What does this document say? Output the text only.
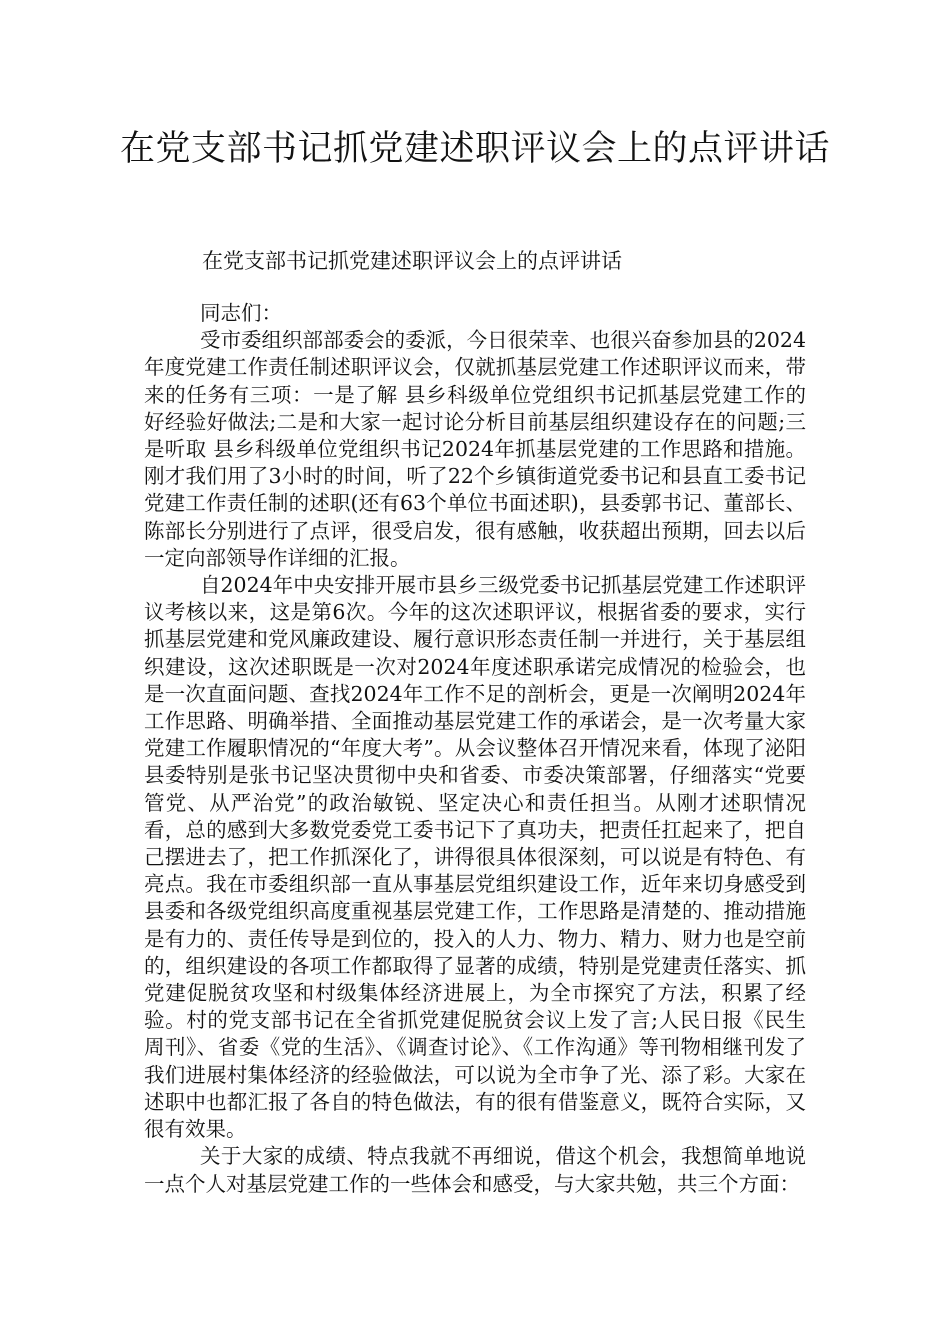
在党支部书记抓党建述职评议会上的点评讲话

在党支部书记抓党建述职评议会上的点评讲话

同志们：

受市委组织部部委会的委派，今日很荣幸、也很兴奋参加县的2024年度党建工作责任制述职评议会，仅就抓基层党建工作述职评议而来，带来的任务有三项：一是了解 县乡科级单位党组织书记抓基层党建工作的好经验好做法;二是和大家一起讨论分析目前基层组织建设存在的问题;三是听取 县乡科级单位党组织书记2024年抓基层党建的工作思路和措施。刚才我们用了3小时的时间，听了22个乡镇街道党委书记和县直工委书记党建工作责任制的述职(还有63个单位书面述职)，县委郭书记、董部长、陈部长分别进行了点评，很受启发，很有感触，收获超出预期，回去以后一定向部领导作详细的汇报。

自2024年中央安排开展市县乡三级党委书记抓基层党建工作述职评议考核以来，这是第6次。今年的这次述职评议，根据省委的要求，实行抓基层党建和党风廉政建设、履行意识形态责任制一并进行，关于基层组织建设，这次述职既是一次对2024年度述职承诺完成情况的检验会，也是一次直面问题、查找2024年工作不足的剖析会，更是一次阐明2024年工作思路、明确举措、全面推动基层党建工作的承诺会，是一次考量大家党建工作履职情况的“年度大考”。从会议整体召开情况来看，体现了泌阳县委特别是张书记坚决贯彻中央和省委、市委决策部署，仔细落实“党要管党、从严治党”的政治敏锐、坚定决心和责任担当。从刚才述职情况看，总的感到大多数党委党工委书记下了真功夫，把责任扛起来了，把自己摆进去了，把工作抓深化了，讲得很具体很深刻，可以说是有特色、有亮点。我在市委组织部一直从事基层党组织建设工作，近年来切身感受到县委和各级党组织高度重视基层党建工作，工作思路是清楚的、推动措施是有力的、责任传导是到位的，投入的人力、物力、精力、财力也是空前的，组织建设的各项工作都取得了显著的成绩，特别是党建责任落实、抓党建促脱贫攻坚和村级集体经济进展上，为全市探究了方法，积累了经验。村的党支部书记在全省抓党建促脱贫会议上发了言;人民日报《民生周刊》、省委《党的生活》、《调查讨论》、《工作沟通》等刊物相继刊发了我们进展村集体经济的经验做法，可以说为全市争了光、添了彩。大家在述职中也都汇报了各自的特色做法，有的很有借鉴意义，既符合实际，又很有效果。

关于大家的成绩、特点我就不再细说，借这个机会，我想简单地说一点个人对基层党建工作的一些体会和感受，与大家共勉，共三个方面：
